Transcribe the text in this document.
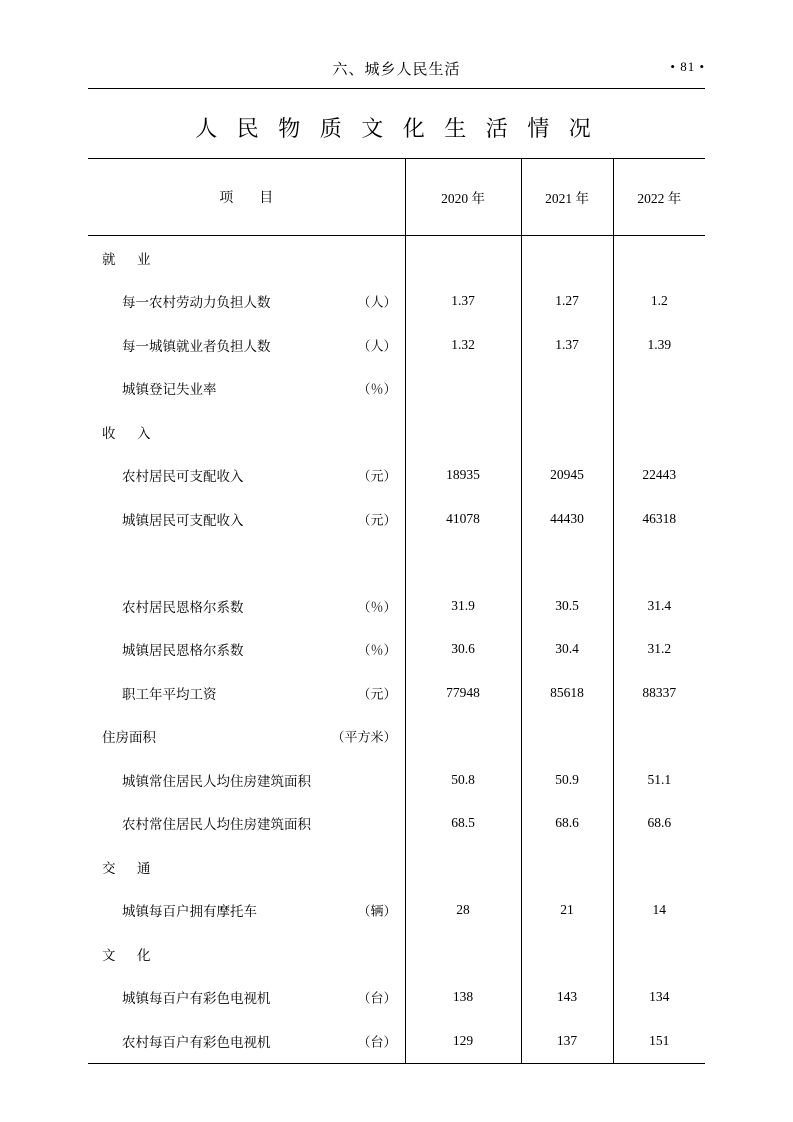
六、城乡人民生活	• 81 •
人 民 物 质 文 化 生 活 情 况
项 目	2020 年	2021 年	2022 年
就　业			
每一农村劳动力负担人数 （人）	1.37	1.27	1.2
每一城镇就业者负担人数 （人）	1.32	1.37	1.39
城镇登记失业率 （％）			

收　入			
农村居民可支配收入 （元）	18935	20945	22443
城镇居民可支配收入 （元）	41078	44430	46318

农村居民恩格尔系数 （％）	31.9	30.5	31.4
城镇居民恩格尔系数 （％）	30.6	30.4	31.2
职工年平均工资 （元）	77948	85618	88337
住房面积 （平方米）			

城镇常住居民人均住房建筑面积	50.8	50.9	51.1
农村常住居民人均住房建筑面积	68.5	68.6	68.6
交　通			
城镇每百户拥有摩托车 （辆）	28	21	14
文　化			
城镇每百户有彩色电视机 （台）	138	143	134
农村每百户有彩色电视机 （台）	129	137	151
